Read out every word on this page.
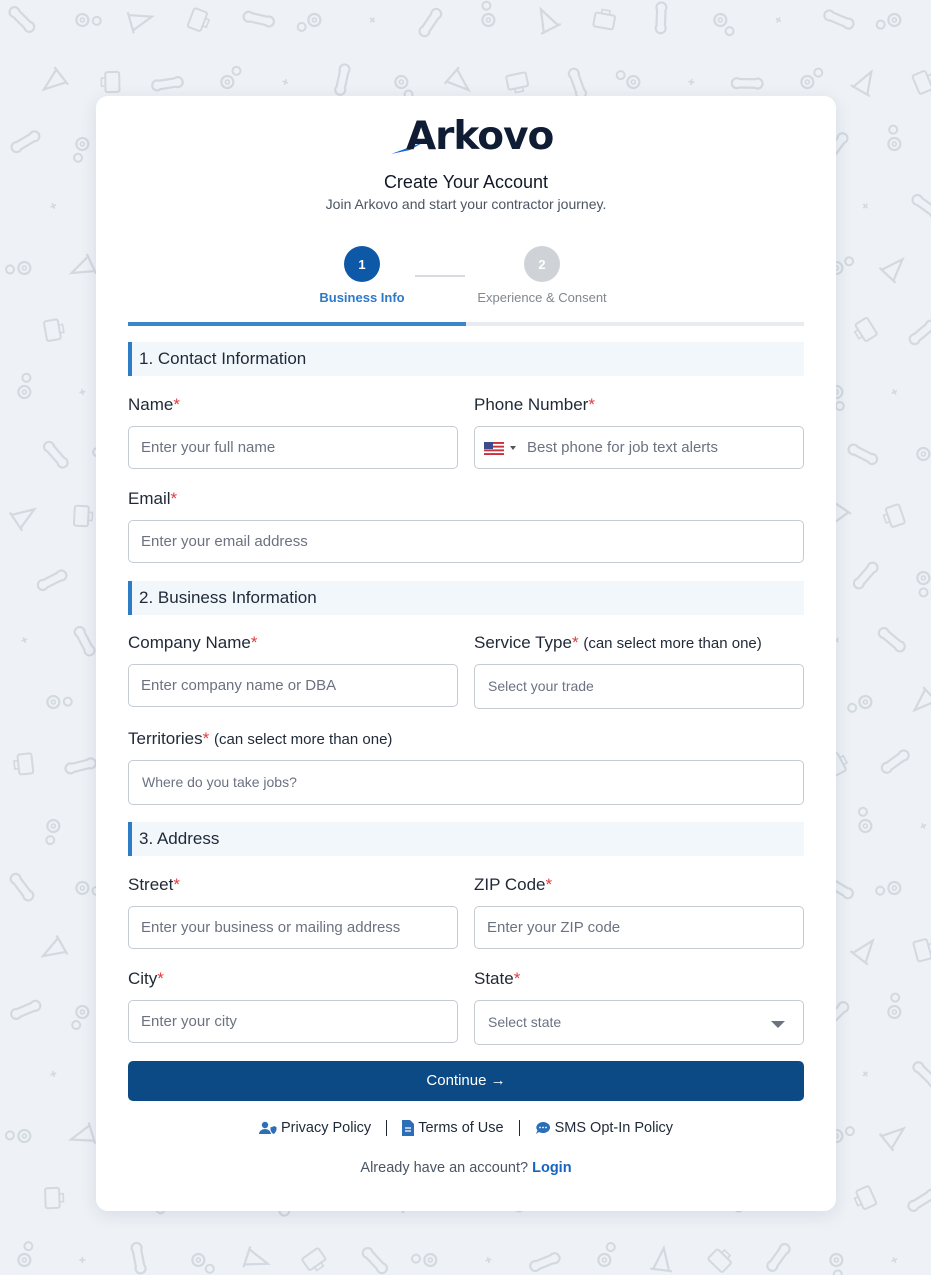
Arkovo
Create Your Account
Join Arkovo and start your contractor journey.
1
Business Info
2
Experience & Consent
1. Contact Information
Name*
Enter your full name
Phone Number*
Best phone for job text alerts
Email*
Enter your email address
2. Business Information
Company Name*
Enter company name or DBA
Service Type* (can select more than one)
Select your trade
Territories* (can select more than one)
Where do you take jobs?
3. Address
Street*
Enter your business or mailing address
ZIP Code*
Enter your ZIP code
City*
Enter your city
State*
Select state
Continue →
Privacy Policy	Terms of Use	SMS Opt-In Policy
Already have an account? Login
